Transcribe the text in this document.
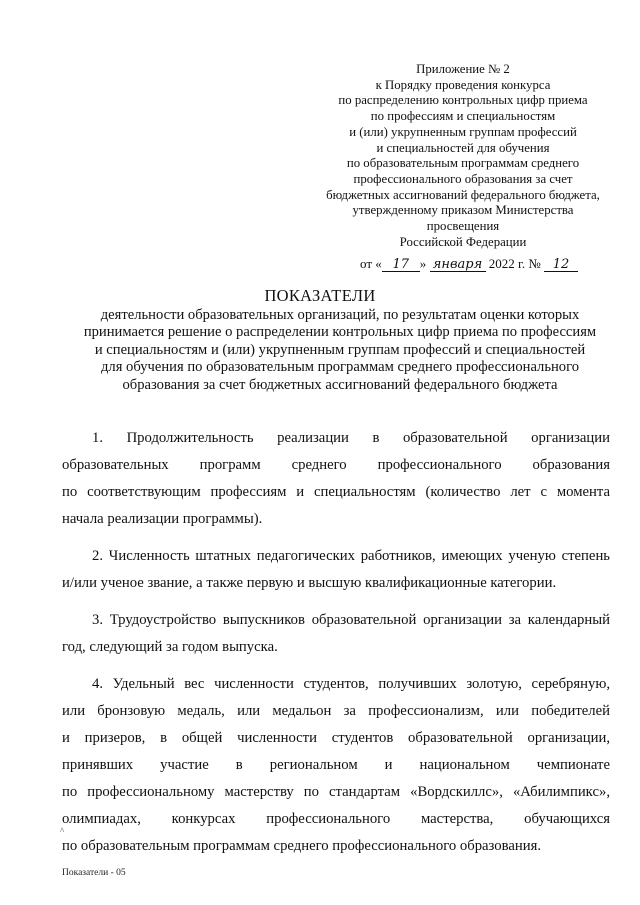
Приложение № 2
к Порядку проведения конкурса
по распределению контрольных цифр приема
по профессиям и специальностям
и (или) укрупненным группам профессий
и специальностей для обучения
по образовательным программам среднего
профессионального образования за счет
бюджетных ассигнований федерального бюджета,
утвержденному приказом Министерства
просвещения
Российской Федерации
от « 17 » января 2022 г. № 12
ПОКАЗАТЕЛИ
деятельности образовательных организаций, по результатам оценки которых
принимается решение о распределении контрольных цифр приема по профессиям
и специальностям и (или) укрупненным группам профессий и специальностей
для обучения по образовательным программам среднего профессионального
образования за счет бюджетных ассигнований федерального бюджета
1. Продолжительность реализации в образовательной организации
образовательных программ среднего профессионального образования
по соответствующим профессиям и специальностям (количество лет с момента
начала реализации программы).
2. Численность штатных педагогических работников, имеющих ученую степень
и/или ученое звание, а также первую и высшую квалификационные категории.
3. Трудоустройство выпускников образовательной организации за календарный
год, следующий за годом выпуска.
4. Удельный вес численности студентов, получивших золотую, серебряную,
или бронзовую медаль, или медальон за профессионализм, или победителей
и призеров, в общей численности студентов образовательной организации,
принявших участие в региональном и национальном чемпионате
по профессиональному мастерству по стандартам «Вордскиллс», «Абилимпикс»,
олимпиадах, конкурсах профессионального мастерства, обучающихся
по образовательным программам среднего профессионального образования.
^
Показатели - 05
